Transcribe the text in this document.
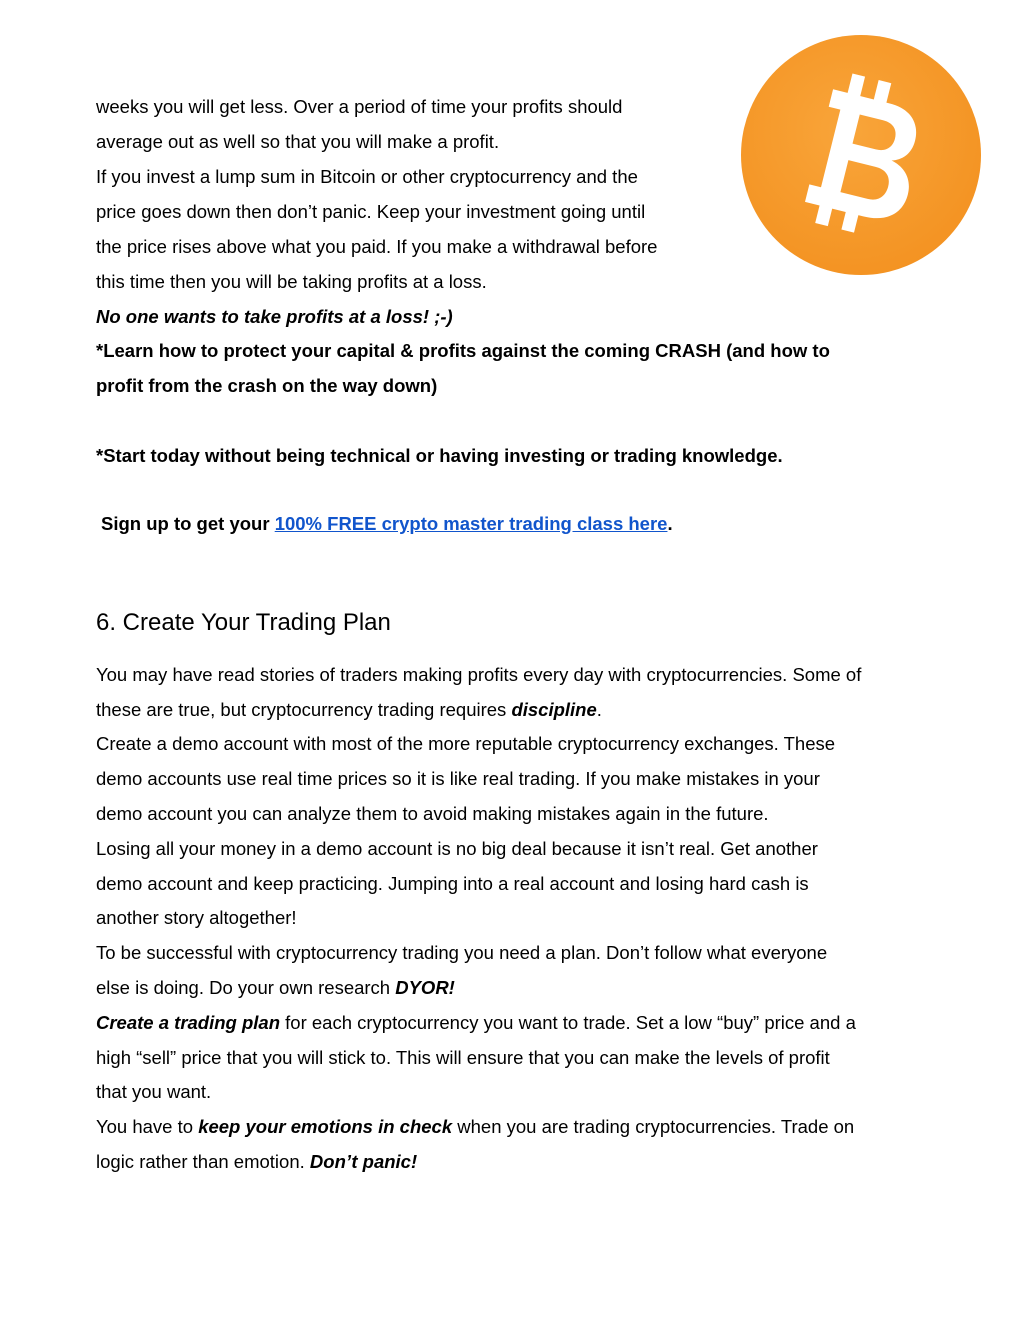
weeks you will get less. Over a period of time your profits should
average out as well so that you will make a profit.
If you invest a lump sum in Bitcoin or other cryptocurrency and the
price goes down then don’t panic. Keep your investment going until
the price rises above what you paid. If you make a withdrawal before
this time then you will be taking profits at a loss.
No one wants to take profits at a loss! ;-)
*Learn how to protect your capital & profits against the coming CRASH (and how to
profit from the crash on the way down)
*Start today without being technical or having investing or trading knowledge.
Sign up to get your 100% FREE crypto master trading class here.
6. Create Your Trading Plan
You may have read stories of traders making profits every day with cryptocurrencies. Some of
these are true, but cryptocurrency trading requires discipline.
Create a demo account with most of the more reputable cryptocurrency exchanges. These
demo accounts use real time prices so it is like real trading. If you make mistakes in your
demo account you can analyze them to avoid making mistakes again in the future.
Losing all your money in a demo account is no big deal because it isn’t real. Get another
demo account and keep practicing. Jumping into a real account and losing hard cash is
another story altogether!
To be successful with cryptocurrency trading you need a plan. Don’t follow what everyone
else is doing. Do your own research DYOR!
Create a trading plan for each cryptocurrency you want to trade. Set a low “buy” price and a
high “sell” price that you will stick to. This will ensure that you can make the levels of profit
that you want.
You have to keep your emotions in check when you are trading cryptocurrencies. Trade on
logic rather than emotion. Don’t panic!
